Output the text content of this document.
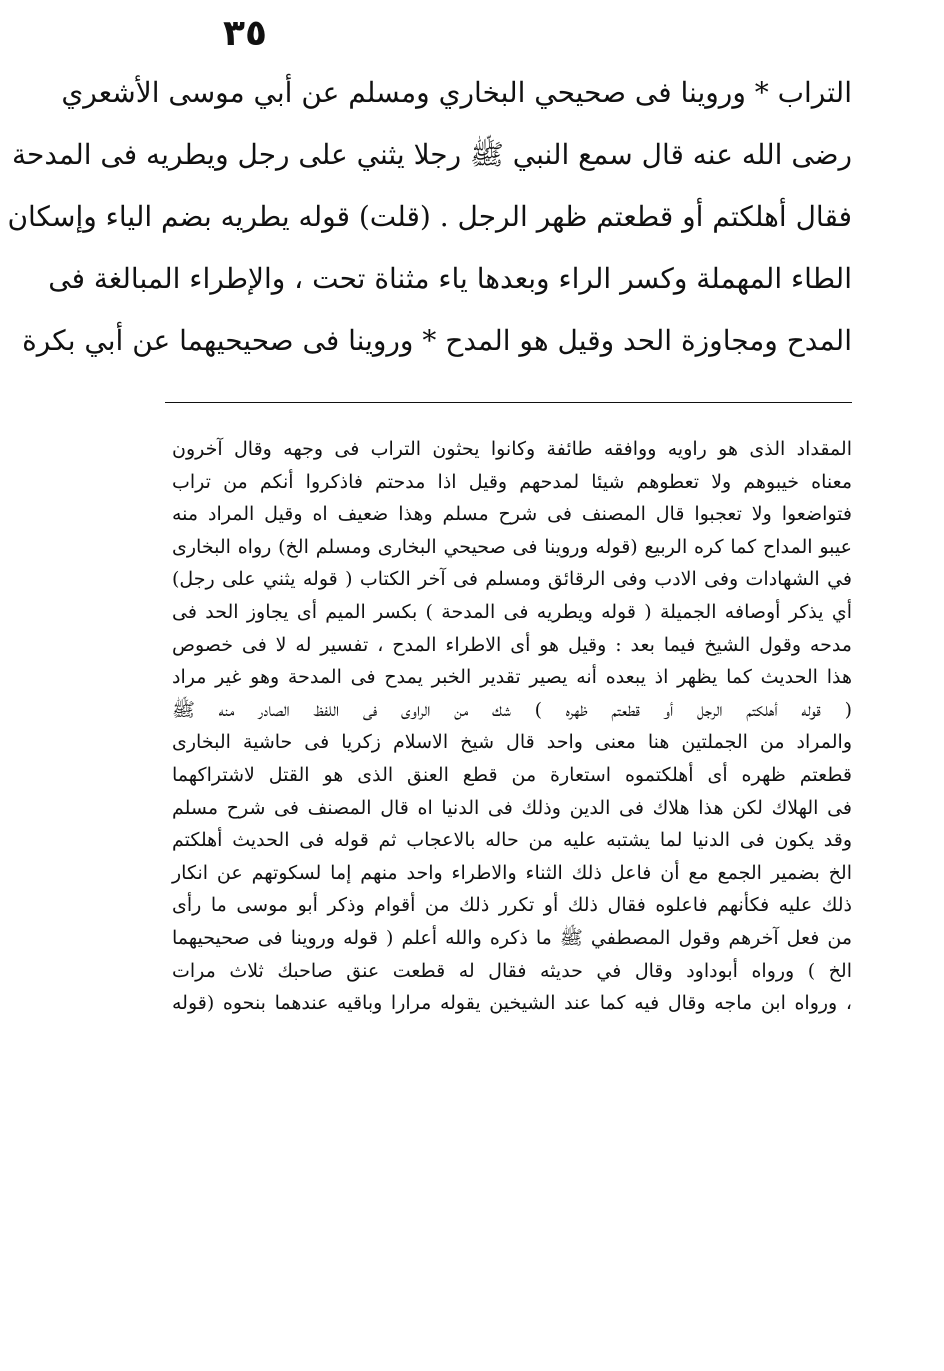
٣٥
التراب * وروينا فى صحيحي البخاري ومسلم عن أبي موسى الأشعري
رضى الله عنه قال سمع النبي ﷺ رجلا يثني على رجل ويطريه فى المدحة
فقال أهلكتم أو قطعتم ظهر الرجل . (قلت) قوله يطريه بضم الياء وإسكان
الطاء المهملة وكسر الراء وبعدها ياء مثناة تحت ، والإطراء المبالغة فى
المدح ومجاوزة الحد وقيل هو المدح * وروينا فى صحيحيهما عن أبي بكرة
المقداد الذى هو راويه ووافقه طائفة وكانوا يحثون التراب فى وجهه وقال آخرون
معناه خيبوهم ولا تعطوهم شيئا لمدحهم وقيل اذا مدحتم فاذكروا أنكم من تراب
فتواضعوا ولا تعجبوا قال المصنف فى شرح مسلم وهذا ضعيف اه وقيل المراد منه
عيبو المداح كما كره الربيع (قوله وروينا فى صحيحي البخارى ومسلم الخ) رواه البخارى
في الشهادات وفى الادب وفى الرقائق ومسلم فى آخر الكتاب ( قوله يثني على رجل)
أي يذكر أوصافه الجميلة ( قوله ويطريه فى المدحة ) بكسر الميم أى يجاوز الحد فى
مدحه وقول الشيخ فيما بعد : وقيل هو أى الاطراء المدح ، تفسير له لا فى خصوص
هذا الحديث كما يظهر اذ يبعده أنه يصير تقدير الخبر يمدح فى المدحة وهو غير مراد
( قوله أهلكتم الرجل أو قطعتم ظهره ) شك من الراوى فى اللفظ الصادر منه ﷺ
والمراد من الجملتين هنا معنى واحد قال شيخ الاسلام زكريا فى حاشية البخارى
قطعتم ظهره أى أهلكتموه استعارة من قطع العنق الذى هو القتل لاشتراكهما
فى الهلاك لكن هذا هلاك فى الدين وذلك فى الدنيا اه قال المصنف فى شرح مسلم
وقد يكون فى الدنيا لما يشتبه عليه من حاله بالاعجاب ثم قوله فى الحديث أهلكتم
الخ بضمير الجمع مع أن فاعل ذلك الثناء والاطراء واحد منهم إما لسكوتهم عن انكار
ذلك عليه فكأنهم فاعلوه فقال ذلك أو تكرر ذلك من أقوام وذكر أبو موسى ما رأى
من فعل آخرهم وقول المصطفي ﷺ ما ذكره والله أعلم ( قوله وروينا فى صحيحيهما
الخ ) ورواه أبوداود وقال في حديثه فقال له قطعت عنق صاحبك ثلاث مرات
، ورواه ابن ماجه وقال فيه كما عند الشيخين يقوله مرارا وباقيه عندهما بنحوه (قوله
